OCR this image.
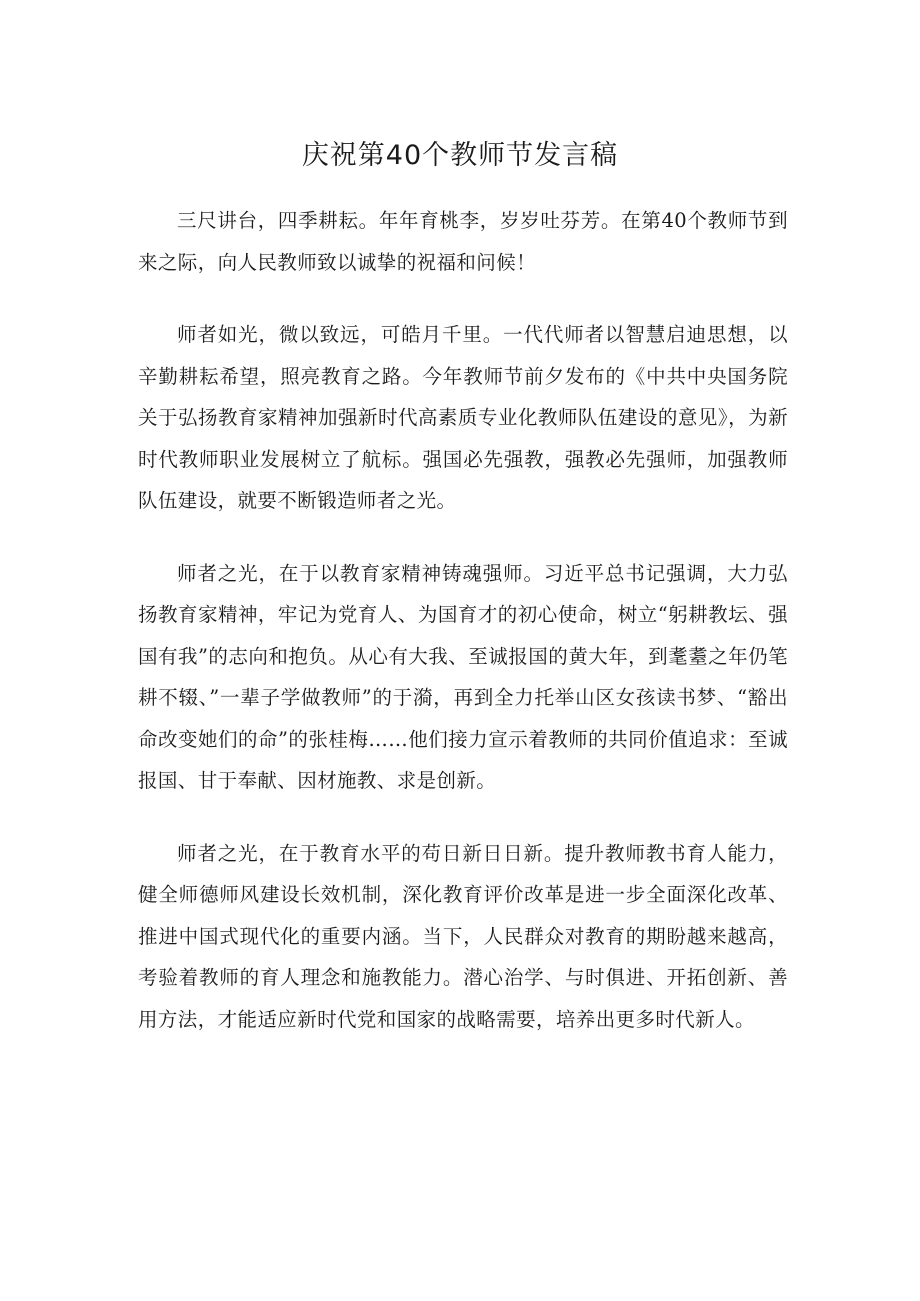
庆祝第40个教师节发言稿

三尺讲台，四季耕耘。年年育桃李，岁岁吐芬芳。在第40个教师节到来之际，向人民教师致以诚挚的祝福和问候！

师者如光，微以致远，可皓月千里。一代代师者以智慧启迪思想，以辛勤耕耘希望，照亮教育之路。今年教师节前夕发布的《中共中央国务院关于弘扬教育家精神加强新时代高素质专业化教师队伍建设的意见》，为新时代教师职业发展树立了航标。强国必先强教，强教必先强师，加强教师队伍建设，就要不断锻造师者之光。

师者之光，在于以教育家精神铸魂强师。习近平总书记强调，大力弘扬教育家精神，牢记为党育人、为国育才的初心使命，树立“躬耕教坛、强国有我”的志向和抱负。从心有大我、至诚报国的黄大年，到耄耋之年仍笔耕不辍、”一辈子学做教师”的于漪，再到全力托举山区女孩读书梦、“豁出命改变她们的命”的张桂梅……他们接力宣示着教师的共同价值追求：至诚报国、甘于奉献、因材施教、求是创新。

师者之光，在于教育水平的苟日新日日新。提升教师教书育人能力，健全师德师风建设长效机制，深化教育评价改革是进一步全面深化改革、推进中国式现代化的重要内涵。当下，人民群众对教育的期盼越来越高，考验着教师的育人理念和施教能力。潜心治学、与时俱进、开拓创新、善用方法，才能适应新时代党和国家的战略需要，培养出更多时代新人。
